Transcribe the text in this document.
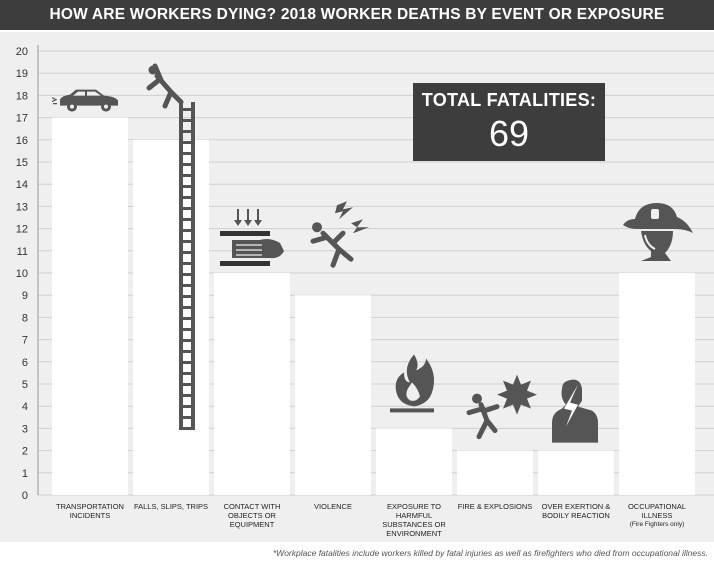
HOW ARE WORKERS DYING? 2018 WORKER DEATHS BY EVENT OR EXPOSURE
0
1
2
3
4
5
6
7
8
9
10
11
12
13
14
15
16
17
18
19
20
TRANSPORTATION INCIDENTS
FALLS, SLIPS, TRIPS	CONTACT WITH OBJECTS OR EQUIPMENT
VIOLENCE	EXPOSURE TO HARMFUL SUBSTANCES OR ENVIRONMENT
FIRE & EXPLOSIONS	OVER EXERTION & BODILY REACTION
OCCUPATIONAL ILLNESS
(Fire Fighters only)
TOTAL FATALITIES:
69
*Workplace fatalities include workers killed by fatal injuries as well as firefighters who died from occupational illness.
